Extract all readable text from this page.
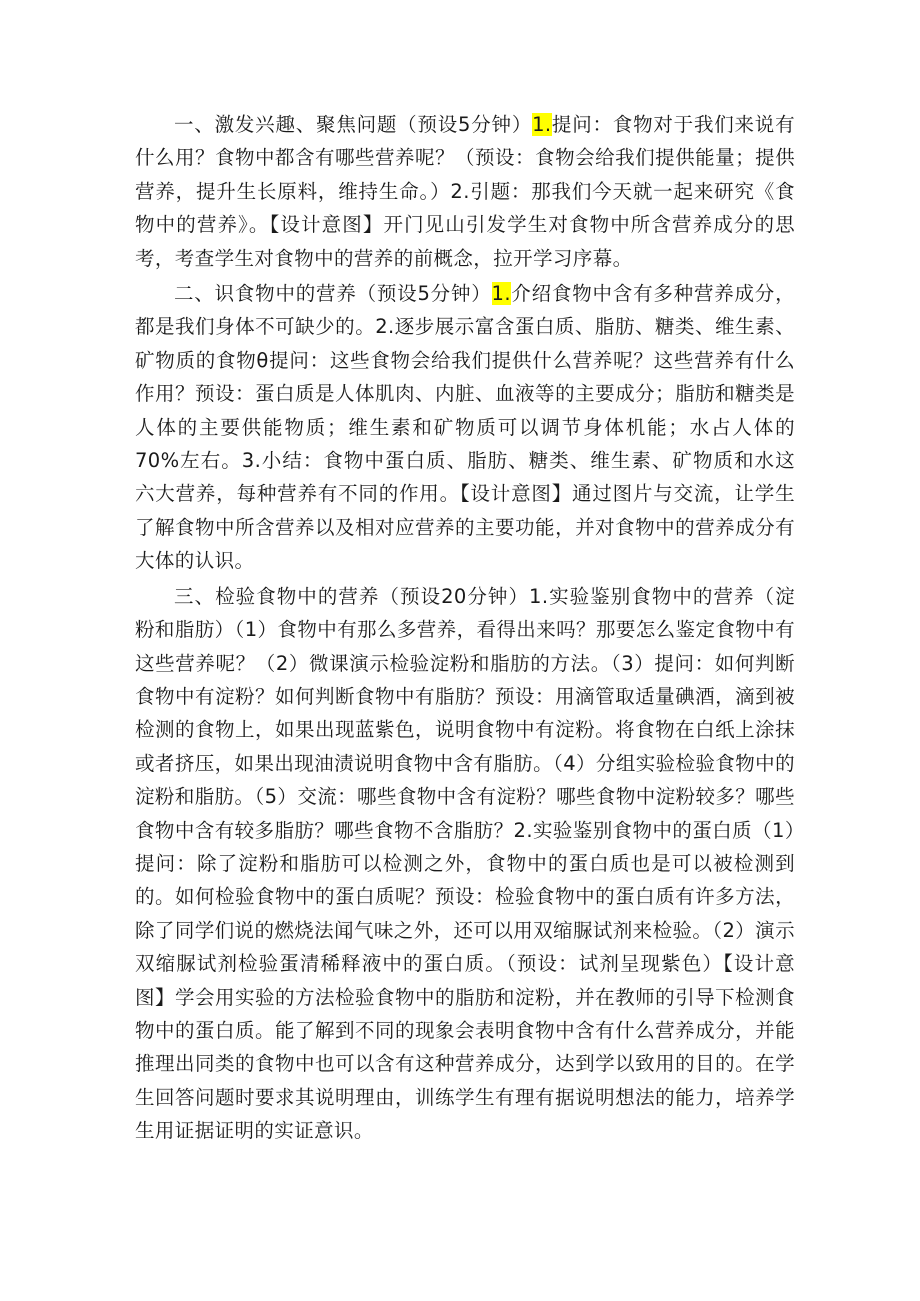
一、激发兴趣、聚焦问题（预设5分钟）1.提问：食物对于我们来说有什么用？食物中都含有哪些营养呢？（预设：食物会给我们提供能量；提供营养，提升生长原料，维持生命。）2.引题：那我们今天就一起来研究《食物中的营养》。【设计意图】开门见山引发学生对食物中所含营养成分的思考，考查学生对食物中的营养的前概念，拉开学习序幕。

二、识食物中的营养（预设5分钟）1.介绍食物中含有多种营养成分，都是我们身体不可缺少的。2.逐步展示富含蛋白质、脂肪、糖类、维生素、矿物质的食物θ提问：这些食物会给我们提供什么营养呢？这些营养有什么作用？预设：蛋白质是人体肌肉、内脏、血液等的主要成分；脂肪和糖类是人体的主要供能物质；维生素和矿物质可以调节身体机能；水占人体的70%左右。3.小结：食物中蛋白质、脂肪、糖类、维生素、矿物质和水这六大营养，每种营养有不同的作用。【设计意图】通过图片与交流，让学生了解食物中所含营养以及相对应营养的主要功能，并对食物中的营养成分有大体的认识。

三、检验食物中的营养（预设20分钟）1.实验鉴别食物中的营养（淀粉和脂肪）（1）食物中有那么多营养，看得出来吗？那要怎么鉴定食物中有这些营养呢？（2）微课演示检验淀粉和脂肪的方法。（3）提问：如何判断食物中有淀粉？如何判断食物中有脂肪？预设：用滴管取适量碘酒，滴到被检测的食物上，如果出现蓝紫色，说明食物中有淀粉。将食物在白纸上涂抹或者挤压，如果出现油渍说明食物中含有脂肪。（4）分组实验检验食物中的淀粉和脂肪。（5）交流：哪些食物中含有淀粉？哪些食物中淀粉较多？哪些食物中含有较多脂肪？哪些食物不含脂肪？2.实验鉴别食物中的蛋白质（1）提问：除了淀粉和脂肪可以检测之外，食物中的蛋白质也是可以被检测到的。如何检验食物中的蛋白质呢？预设：检验食物中的蛋白质有许多方法，除了同学们说的燃烧法闻气味之外，还可以用双缩脲试剂来检验。（2）演示双缩脲试剂检验蛋清稀释液中的蛋白质。（预设：试剂呈现紫色）【设计意图】学会用实验的方法检验食物中的脂肪和淀粉，并在教师的引导下检测食物中的蛋白质。能了解到不同的现象会表明食物中含有什么营养成分，并能推理出同类的食物中也可以含有这种营养成分，达到学以致用的目的。在学生回答问题时要求其说明理由，训练学生有理有据说明想法的能力，培养学生用证据证明的实证意识。
